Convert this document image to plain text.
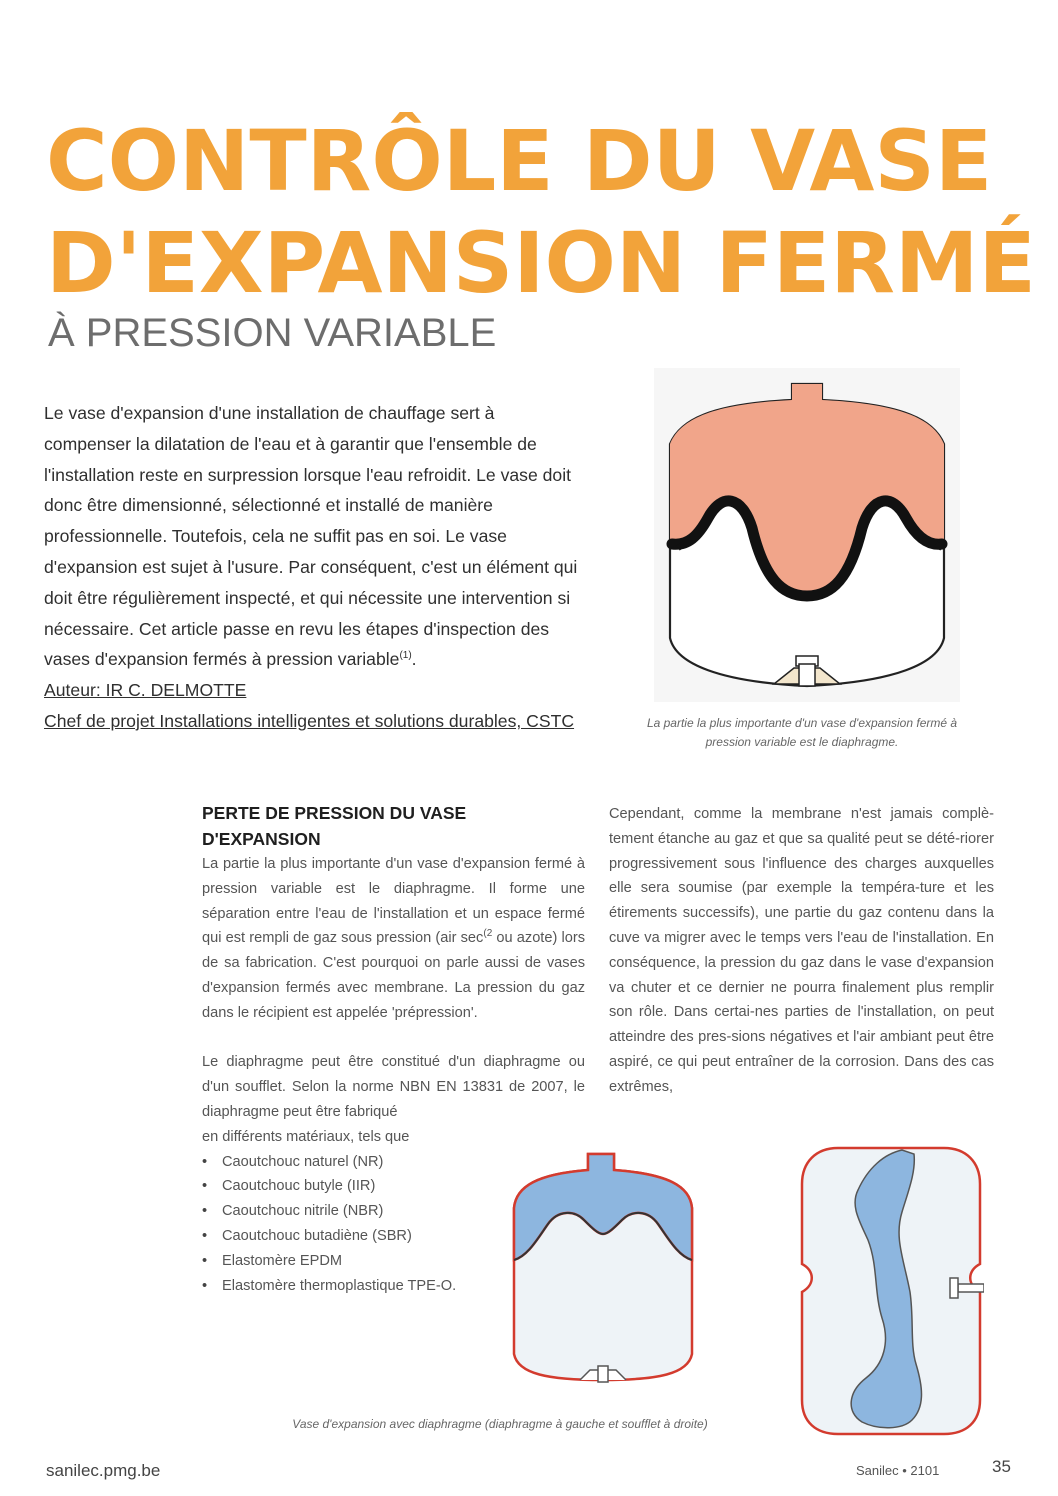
CONTRÔLE DU VASE
D'EXPANSION FERMÉ
À PRESSION VARIABLE

Le vase d'expansion d'une installation de chauffage sert à compenser la dilatation de l'eau et à garantir que l'ensemble de l'installation reste en surpression lorsque l'eau refroidit. Le vase doit donc être dimensionné, sélectionné et installé de manière professionnelle. Toutefois, cela ne suffit pas en soi. Le vase d'expansion est sujet à l'usure. Par conséquent, c'est un élément qui doit être régulièrement inspecté, et qui nécessite une intervention si nécessaire. Cet article passe en revu les étapes d'inspection des vases d'expansion fermés à pression variable$^{(1)}$.

Auteur: IR C. DELMOTTE
Chef de projet Installations intelligentes et solutions durables, CSTC	La partie la plus importante d'un vase d'expansion fermé à pression variable est le diaphragme.
PERTE DE PRESSION DU VASE D'EXPANSION

La partie la plus importante d'un vase d'expansion fermé à pression variable est le diaphragme. Il forme une séparation entre l'eau de l'installation et un espace fermé qui est rempli de gaz sous pression (air $\sec^{(2}$ ou azote) lors de sa fabrication. C'est pourquoi on parle aussi de vases d'expansion fermés avec membrane. La pression du gaz dans le récipient est appelée 'prépression'.

Le diaphragme peut être constitué d'un diaphragme ou d'un soufflet. Selon la norme NBN EN 13831 de 2007, le diaphragme peut être fabriqué

en différents matériaux, tels que

• Caoutchouc naturel (NR)
• Caoutchouc butyle (IIR)
• Caoutchouc nitrile (NBR)
• Caoutchouc butadiène (SBR)
• Elastomère EPDM
• Elastomère thermoplastique TPE-O.

Cependant, comme la membrane n'est jamais complè-tement étanche au gaz et que sa qualité peut se dété-riorer progressivement sous l'influence des charges auxquelles elle sera soumise (par exemple la tempéra-ture et les étirements successifs), une partie du gaz contenu dans la cuve va migrer avec le temps vers l'eau de l'installation. En conséquence, la pression du gaz dans le vase d'expansion va chuter et ce dernier ne pourra finalement plus remplir son rôle. Dans certai-nes parties de l'installation, on peut atteindre des pres-sions négatives et l'air ambiant peut être aspiré, ce qui peut entraîner de la corrosion. Dans des cas extrêmes,

Vase d'expansion avec diaphragme (diaphragme à gauche et soufflet à droite)
sanilec.pmg.be	Sanilec • 2101	35
